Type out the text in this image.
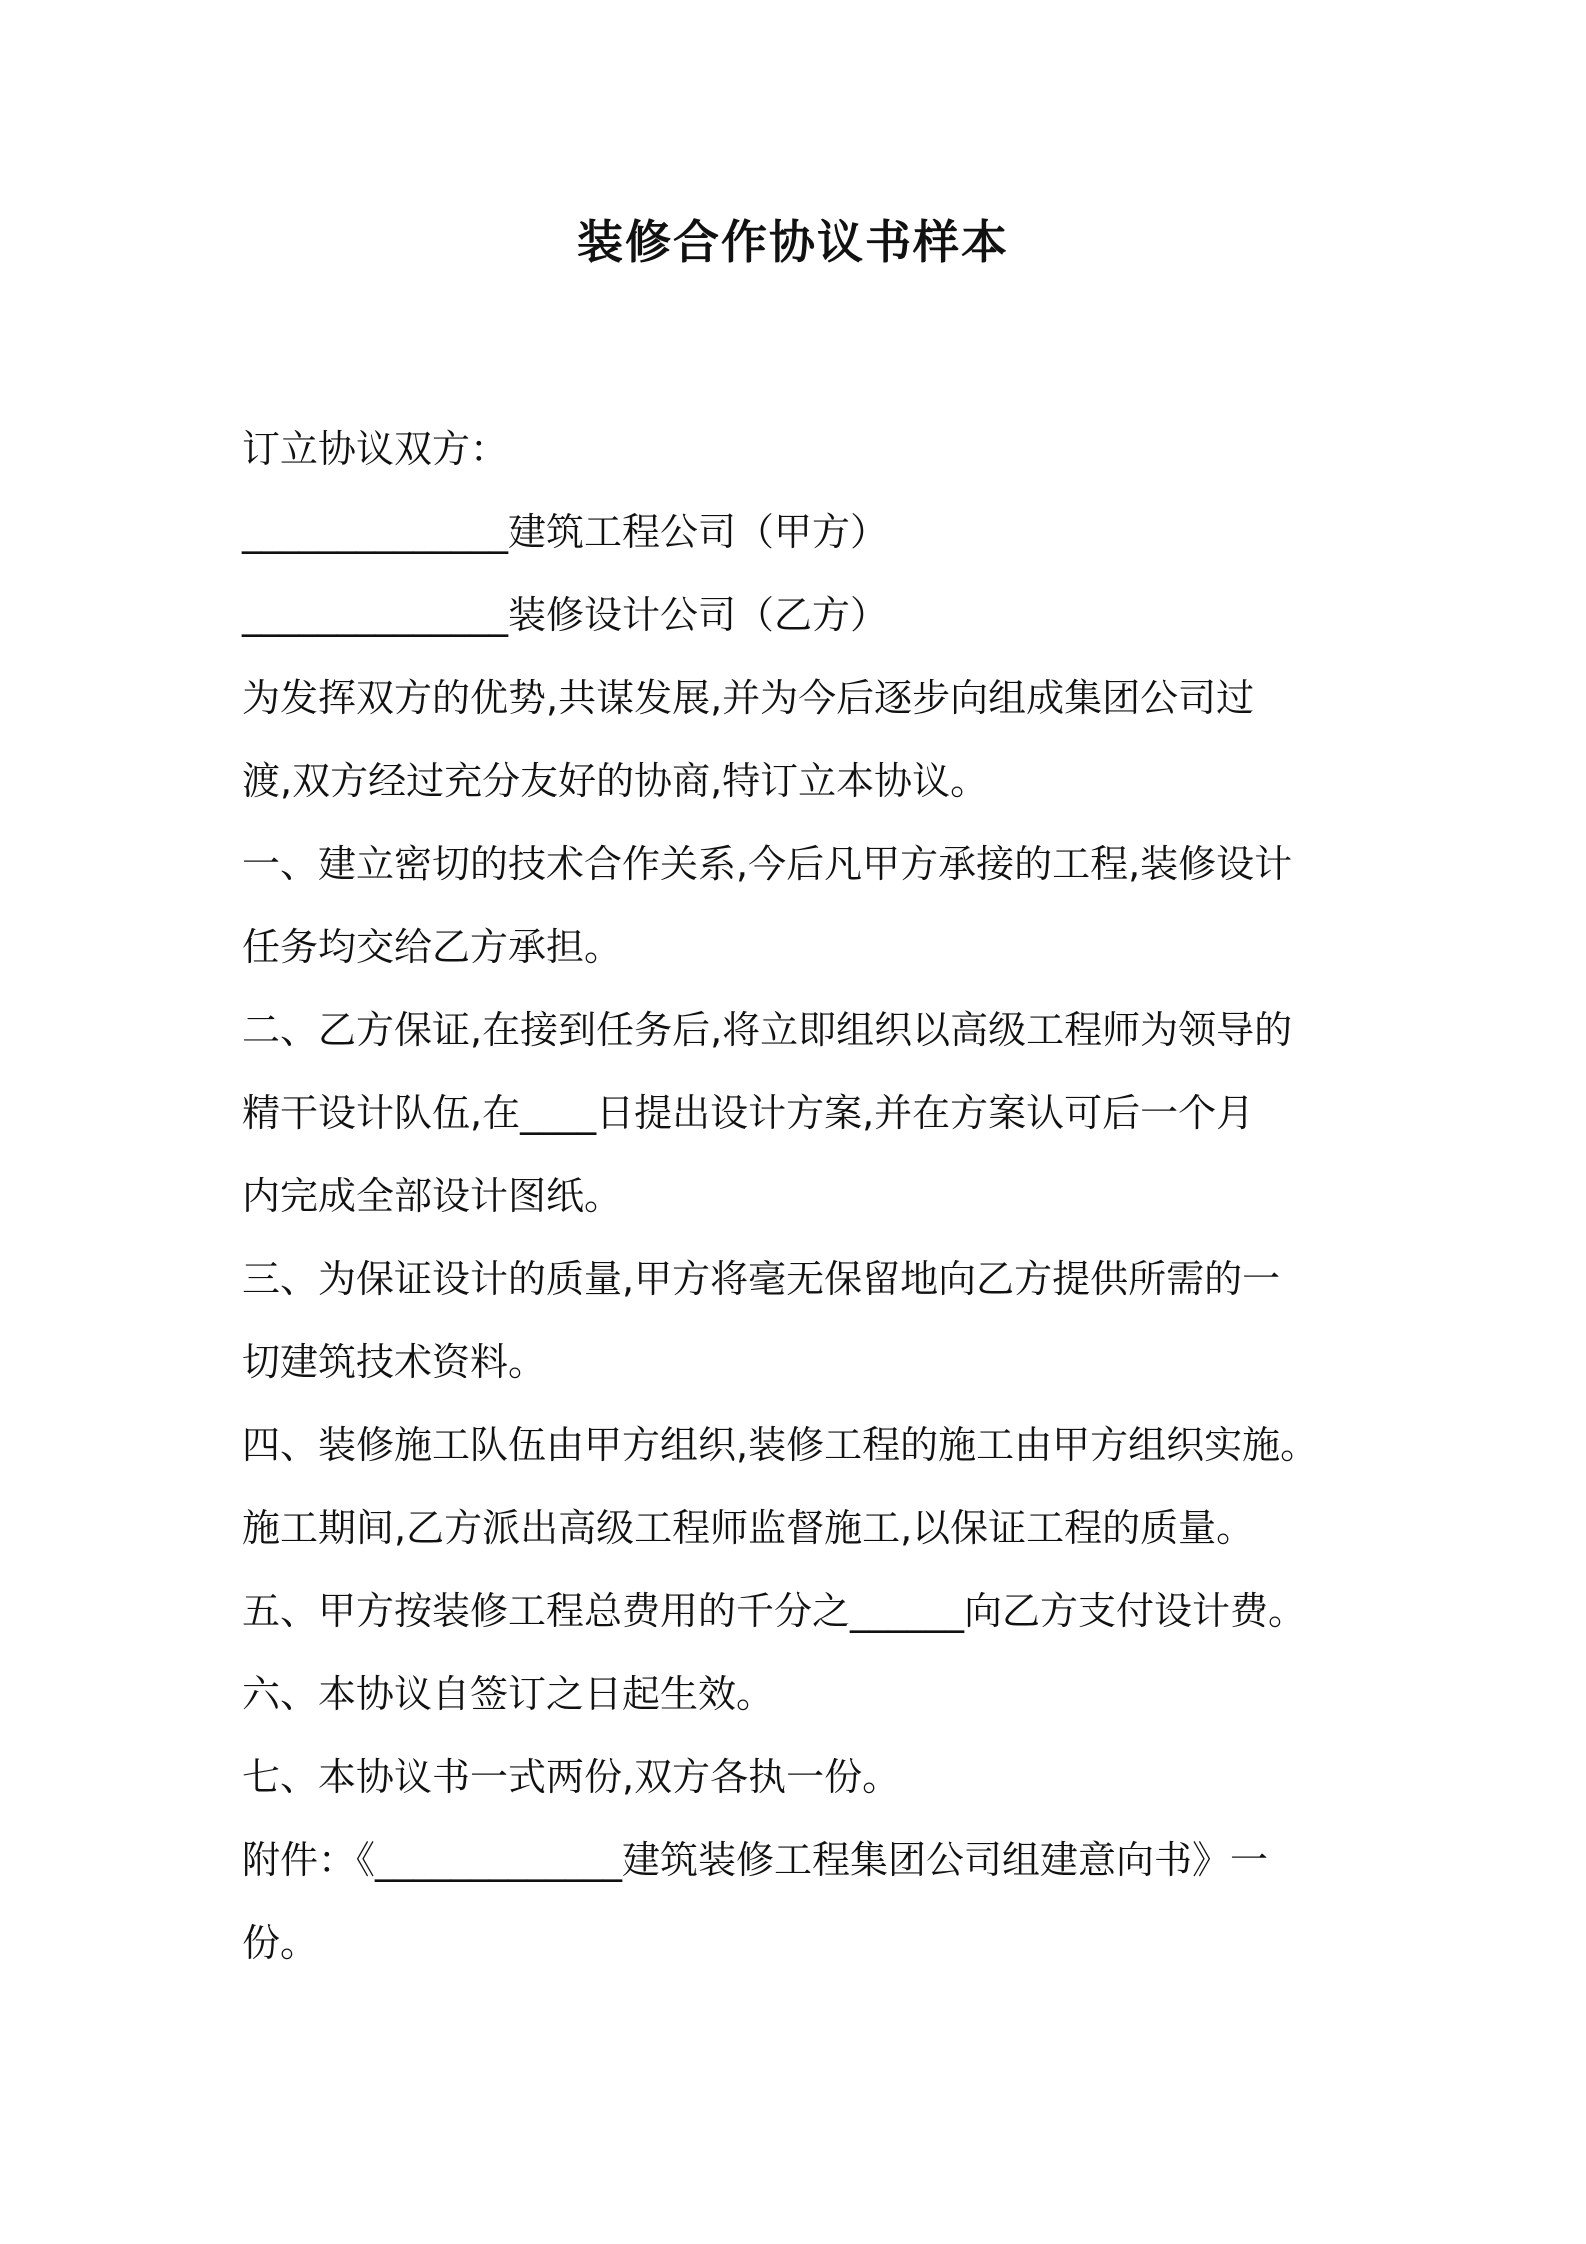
装修合作协议书样本

订立协议双方：

______________建筑工程公司（甲方）

______________装修设计公司（乙方）

为发挥双方的优势,共谋发展,并为今后逐步向组成集团公司过

渡,双方经过充分友好的协商,特订立本协议。

一、建立密切的技术合作关系,今后凡甲方承接的工程,装修设计

任务均交给乙方承担。

二、乙方保证,在接到任务后,将立即组织以高级工程师为领导的

精干设计队伍,在____日提出设计方案,并在方案认可后一个月

内完成全部设计图纸。

三、为保证设计的质量,甲方将毫无保留地向乙方提供所需的一

切建筑技术资料。

四、装修施工队伍由甲方组织,装修工程的施工由甲方组织实施。

施工期间,乙方派出高级工程师监督施工,以保证工程的质量。

五、甲方按装修工程总费用的千分之______向乙方支付设计费。

六、本协议自签订之日起生效。

七、本协议书一式两份,双方各执一份。

附件：《_____________建筑装修工程集团公司组建意向书》一

份。
